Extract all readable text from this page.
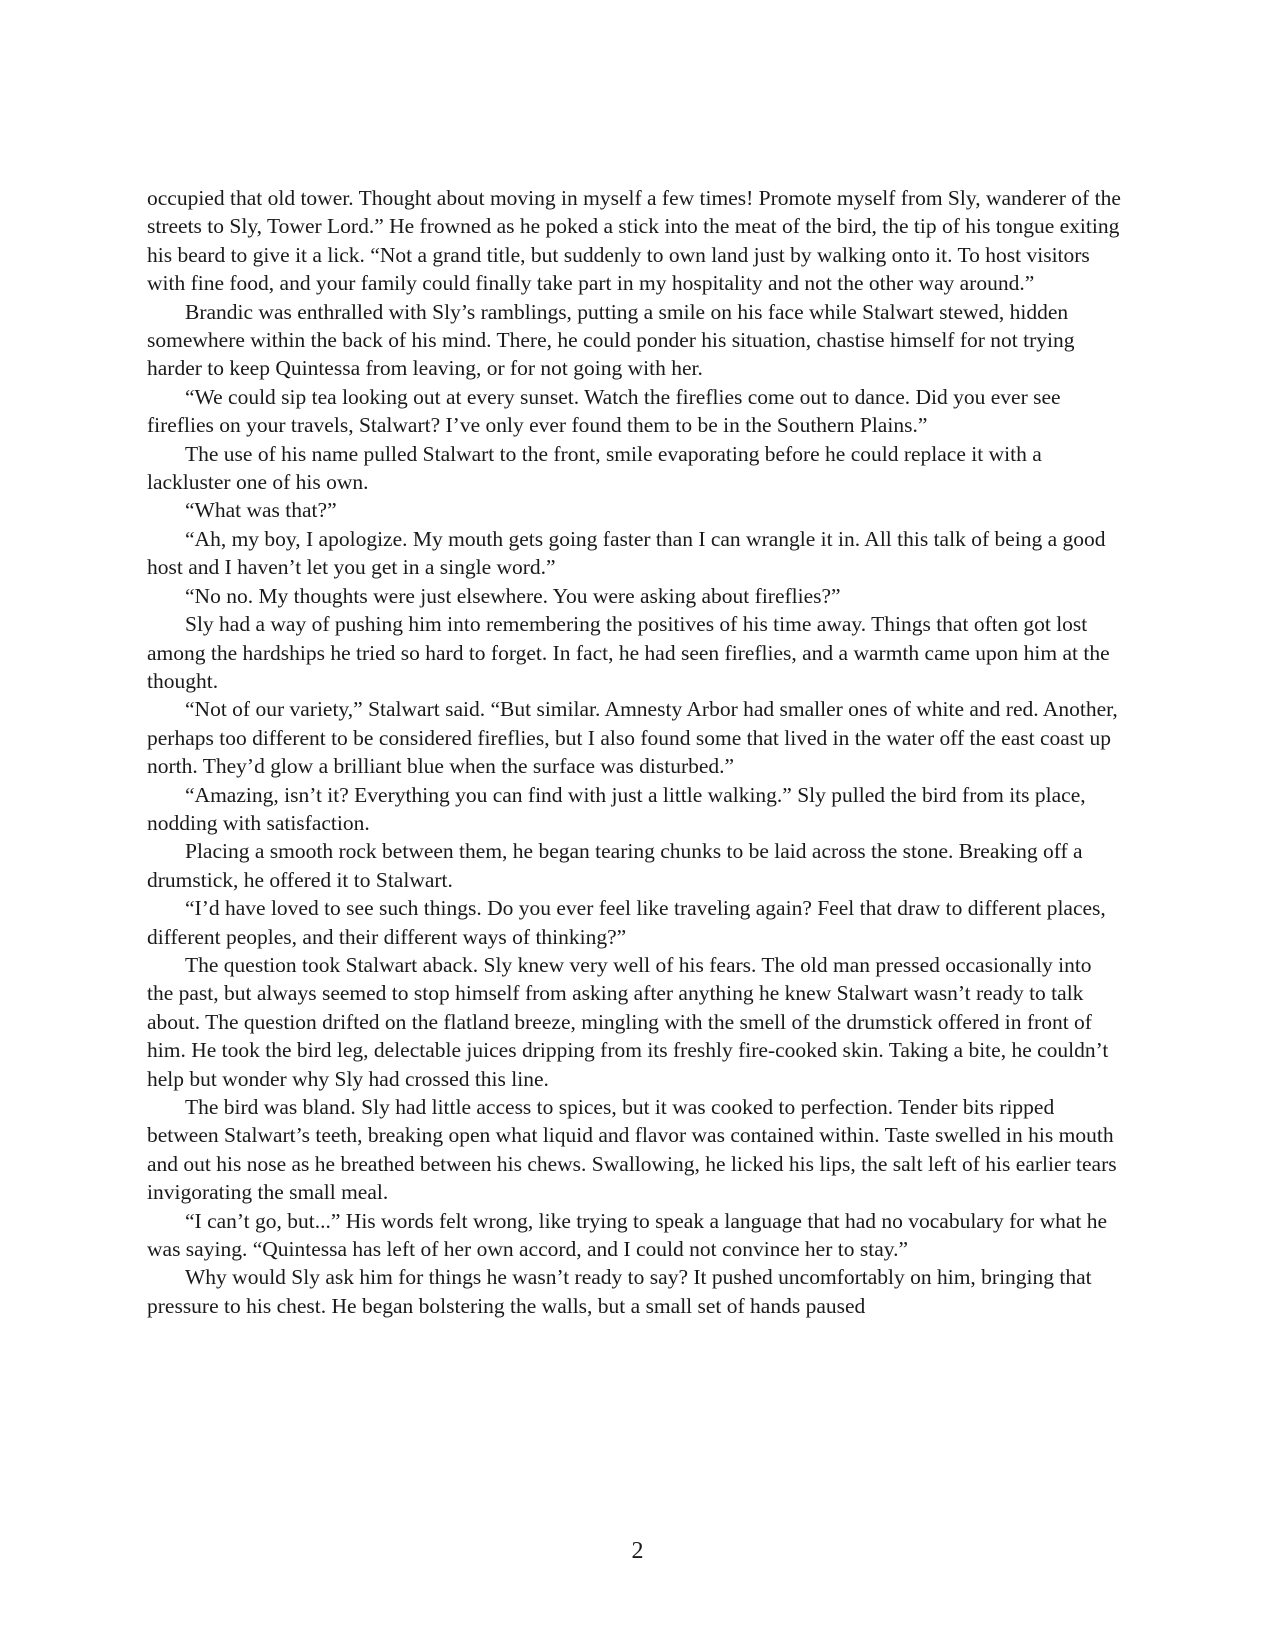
occupied that old tower. Thought about moving in myself a few times! Promote myself from Sly, wanderer of the streets to Sly, Tower Lord.” He frowned as he poked a stick into the meat of the bird, the tip of his tongue exiting his beard to give it a lick. “Not a grand title, but suddenly to own land just by walking onto it. To host visitors with fine food, and your family could finally take part in my hospitality and not the other way around.”

Brandic was enthralled with Sly’s ramblings, putting a smile on his face while Stalwart stewed, hidden somewhere within the back of his mind. There, he could ponder his situation, chastise himself for not trying harder to keep Quintessa from leaving, or for not going with her.

“We could sip tea looking out at every sunset. Watch the fireflies come out to dance. Did you ever see fireflies on your travels, Stalwart? I’ve only ever found them to be in the Southern Plains.”

The use of his name pulled Stalwart to the front, smile evaporating before he could replace it with a lackluster one of his own.

“What was that?”

“Ah, my boy, I apologize. My mouth gets going faster than I can wrangle it in. All this talk of being a good host and I haven’t let you get in a single word.”

“No no. My thoughts were just elsewhere. You were asking about fireflies?”

Sly had a way of pushing him into remembering the positives of his time away. Things that often got lost among the hardships he tried so hard to forget. In fact, he had seen fireflies, and a warmth came upon him at the thought.

“Not of our variety,” Stalwart said. “But similar. Amnesty Arbor had smaller ones of white and red. Another, perhaps too different to be considered fireflies, but I also found some that lived in the water off the east coast up north. They’d glow a brilliant blue when the surface was disturbed.”

“Amazing, isn’t it? Everything you can find with just a little walking.” Sly pulled the bird from its place, nodding with satisfaction.

Placing a smooth rock between them, he began tearing chunks to be laid across the stone. Breaking off a drumstick, he offered it to Stalwart.

“I’d have loved to see such things. Do you ever feel like traveling again? Feel that draw to different places, different peoples, and their different ways of thinking?”

The question took Stalwart aback. Sly knew very well of his fears. The old man pressed occasionally into the past, but always seemed to stop himself from asking after anything he knew Stalwart wasn’t ready to talk about. The question drifted on the flatland breeze, mingling with the smell of the drumstick offered in front of him. He took the bird leg, delectable juices dripping from its freshly fire-cooked skin. Taking a bite, he couldn’t help but wonder why Sly had crossed this line.

The bird was bland. Sly had little access to spices, but it was cooked to perfection. Tender bits ripped between Stalwart’s teeth, breaking open what liquid and flavor was contained within. Taste swelled in his mouth and out his nose as he breathed between his chews. Swallowing, he licked his lips, the salt left of his earlier tears invigorating the small meal.

“I can’t go, but...” His words felt wrong, like trying to speak a language that had no vocabulary for what he was saying. “Quintessa has left of her own accord, and I could not convince her to stay.”

Why would Sly ask him for things he wasn’t ready to say? It pushed uncomfortably on him, bringing that pressure to his chest. He began bolstering the walls, but a small set of hands paused

2
